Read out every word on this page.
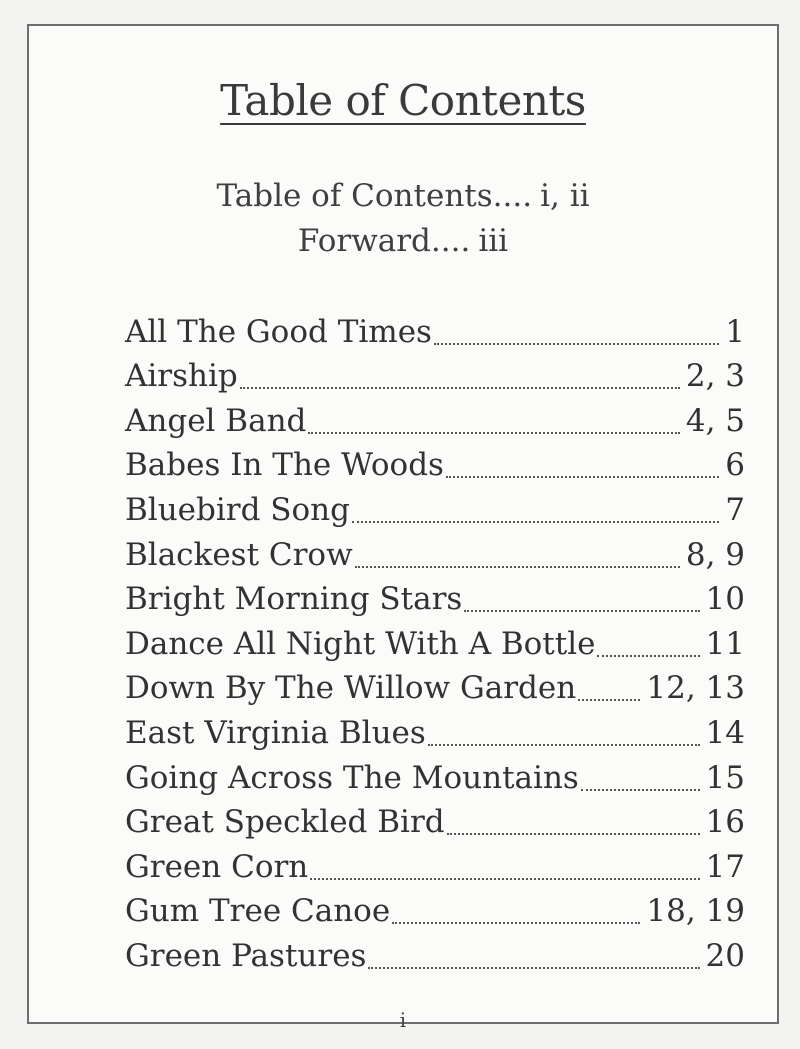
Table of Contents
Table of Contents.... i, ii
Forward.... iii
All The Good Times	1
Airship	2, 3
Angel Band	4, 5
Babes In The Woods	6
Bluebird Song	7
Blackest Crow	8, 9
Bright Morning Stars	10
Dance All Night With A Bottle	11
Down By The Willow Garden 12, 13
East Virginia Blues	14
Going Across The Mountains	15
Great Speckled Bird	16
Green Corn	17
Gum Tree Canoe	18, 19
Green Pastures	20
i
